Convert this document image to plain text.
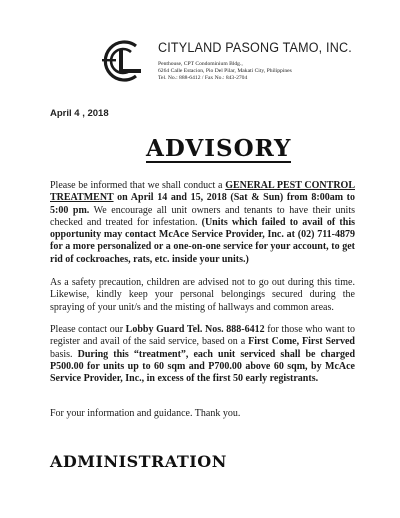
CITYLAND PASONG TAMO, INC.
Penthouse, CPT Condominium Bldg.,
6264 Calle Estacion, Pio Del Pilar, Makati City, Philippines
Tel. No.: 888-6412 / Fax No.: 843-2704
April 4 , 2018
ADVISORY
Please be informed that we shall conduct a GENERAL PEST CONTROL TREATMENT on April 14 and 15, 2018 (Sat & Sun) from 8:00am to 5:00 pm. We encourage all unit owners and tenants to have their units checked and treated for infestation. (Units which failed to avail of this opportunity may contact McAce Service Provider, Inc. at (02) 711-4879 for a more personalized or a one-on-one service for your account, to get rid of cockroaches, rats, etc. inside your units.)
As a safety precaution, children are advised not to go out during this time. Likewise, kindly keep your personal belongings secured during the spraying of your unit/s and the misting of hallways and common areas.
Please contact our Lobby Guard Tel. Nos. 888-6412 for those who want to register and avail of the said service, based on a First Come, First Served basis. During this “treatment”, each unit serviced shall be charged P500.00 for units up to 60 sqm and P700.00 above 60 sqm, by McAce Service Provider, Inc., in excess of the first 50 early registrants.
For your information and guidance. Thank you.
ADMINISTRATION
